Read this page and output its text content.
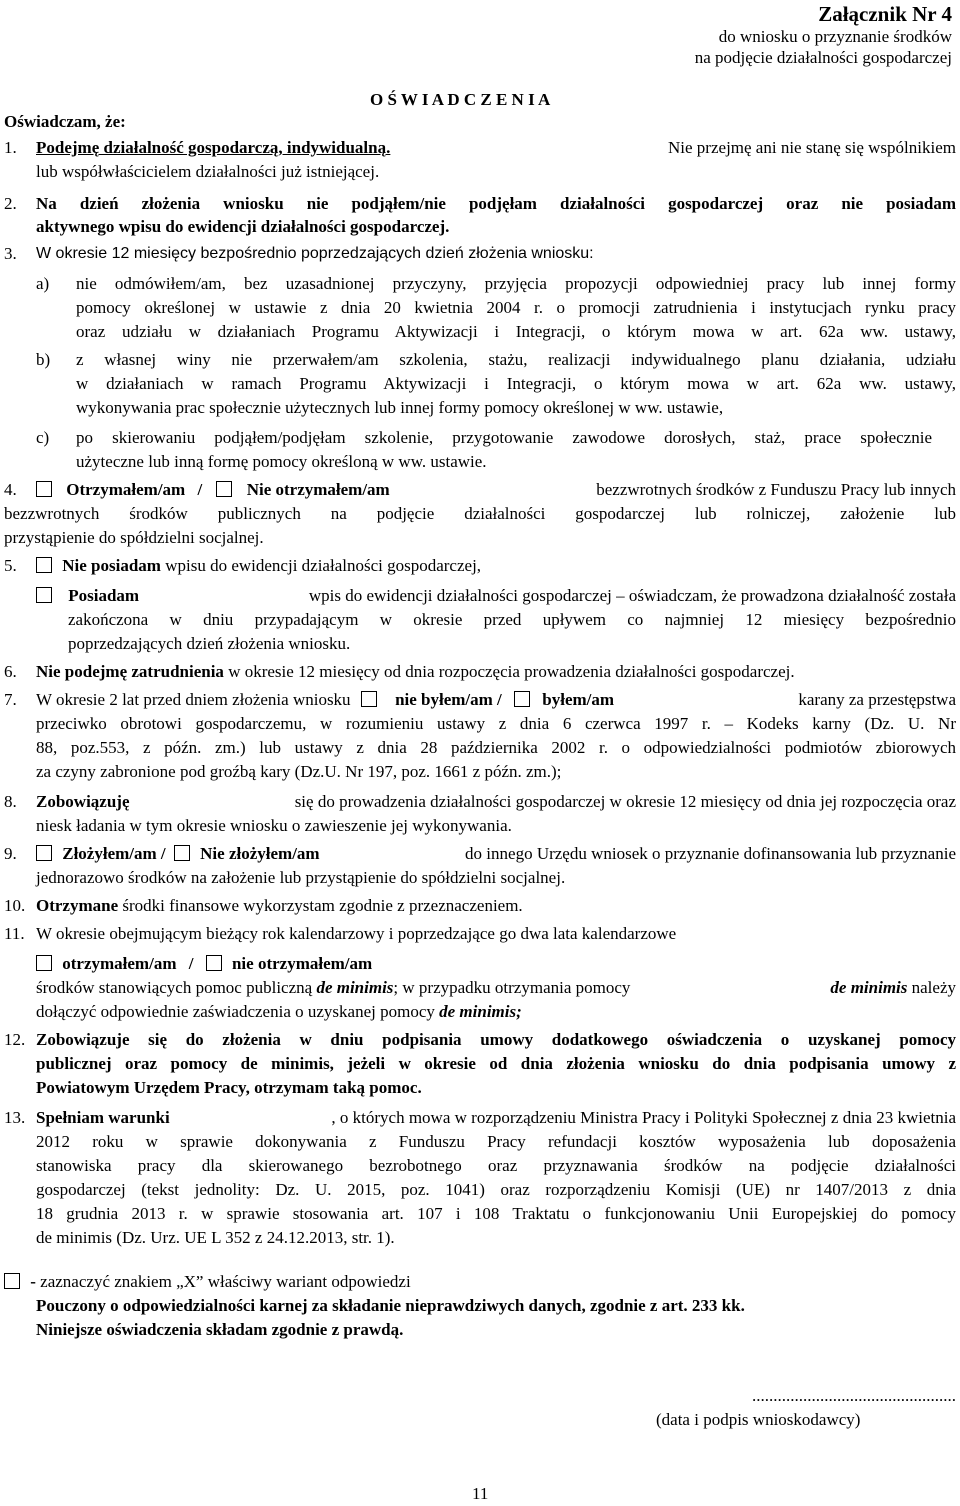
Załącznik Nr 4
do wniosku o przyznanie środków
na podjęcie działalności gospodarczej
O Ś W I A D C Z E N I A
Oświadczam, że:
1. Podejmę działalność gospodarczą, indywidualną.	Nie przejmę ani nie stanę się wspólnikiem
lub współwłaścicielem działalności już istniejącej.
2. Na dzień złożenia wniosku nie podjąłem/nie podjęłam działalności gospodarczej oraz nie posiadam
aktywnego wpisu do ewidencji działalności gospodarczej.
3. W okresie 12 miesięcy bezpośrednio poprzedzających dzień złożenia wniosku:
a) nie odmówiłem/am, bez uzasadnionej przyczyny, przyjęcia propozycji odpowiedniej pracy lub innej formy
pomocy określonej w ustawie z dnia 20 kwietnia 2004 r. o promocji zatrudnienia i instytucjach rynku pracy
oraz udziału w działaniach Programu Aktywizacji i Integracji, o którym mowa w art. 62a ww. ustawy,
b) z własnej winy nie przerwałem/am szkolenia, stażu, realizacji indywidualnego planu działania, udziału
w działaniach w ramach Programu Aktywizacji i Integracji, o którym mowa w art. 62a ww. ustawy,
wykonywania prac społecznie użytecznych lub innej formy pomocy określonej w ww. ustawie,
c) po skierowaniu podjąłem/podjęłam szkolenie, przygotowanie zawodowe dorosłych, staż, prace społecznie
użyteczne lub inną formę pomocy określoną w ww. ustawie.
4.	Otrzymałem/am /	Nie otrzymałem/am	bezzwrotnych środków z Funduszu Pracy lub innych
bezzwrotnych środków publicznych na podjęcie działalności gospodarczej lub rolniczej, założenie lub
przystąpienie do spółdzielni socjalnej.
5.	Nie posiadam wpisu do ewidencji działalności gospodarczej,
Posiadam	wpis do ewidencji działalności gospodarczej – oświadczam, że prowadzona działalność została
zakończona w dniu przypadającym w okresie przed upływem co najmniej 12 miesięcy bezpośrednio
poprzedzających dzień złożenia wniosku.
6. Nie podejmę zatrudnienia w okresie 12 miesięcy od dnia rozpoczęcia prowadzenia działalności gospodarczej.
7. W okresie 2 lat przed dniem złożenia wniosku	nie byłem/am / byłem/am	karany za przestępstwa
przeciwko obrotowi gospodarczemu, w rozumieniu ustawy z dnia 6 czerwca 1997 r. – Kodeks karny (Dz. U. Nr
88, poz.553, z późn. zm.) lub ustawy z dnia 28 października 2002 r. o odpowiedzialności podmiotów zbiorowych
za czyny zabronione pod groźbą kary (Dz.U. Nr 197, poz. 1661 z późn. zm.);
8. Zobowiązuję	się do prowadzenia działalności gospodarczej w okresie 12 miesięcy od dnia jej rozpoczęcia oraz
niesk ładania w tym okresie wniosku o zawieszenie jej wykonywania.
9.	Złożyłem/am / Nie złożyłem/am	do innego Urzędu wniosek o przyznanie dofinansowania lub przyznanie
jednorazowo środków na założenie lub przystąpienie do spółdzielni socjalnej.
10. Otrzymane środki finansowe wykorzystam zgodnie z przeznaczeniem.
11. W okresie obejmującym bieżący rok kalendarzowy i poprzedzające go dwa lata kalendarzowe
otrzymałem/am / nie otrzymałem/am
środków stanowiących pomoc publiczną de minimis; w przypadku otrzymania pomocy	de minimis należy
dołączyć odpowiednie zaświadczenia o uzyskanej pomocy de minimis;
12. Zobowiązuje się do złożenia w dniu podpisania umowy dodatkowego oświadczenia o uzyskanej pomocy
publicznej oraz pomocy de minimis, jeżeli w okresie od dnia złożenia wniosku do dnia podpisania umowy z
Powiatowym Urzędem Pracy, otrzymam taką pomoc.
13. Spełniam warunki	, o których mowa w rozporządzeniu Ministra Pracy i Polityki Społecznej z dnia 23 kwietnia
2012 roku w sprawie dokonywania z Funduszu Pracy refundacji kosztów wyposażenia lub doposażenia
stanowiska pracy dla skierowanego bezrobotnego oraz przyznawania środków na podjęcie działalności
gospodarczej (tekst jednolity: Dz. U. 2015, poz. 1041) oraz rozporządzeniu Komisji (UE) nr 1407/2013 z dnia
18 grudnia 2013 r. w sprawie stosowania art. 107 i 108 Traktatu o funkcjonowaniu Unii Europejskiej do pomocy
de minimis (Dz. Urz. UE L 352 z 24.12.2013, str. 1).
- zaznaczyć znakiem „X” właściwy wariant odpowiedzi
Pouczony o odpowiedzialności karnej za składanie nieprawdziwych danych, zgodnie z art. 233 kk.
Niniejsze oświadczenia składam zgodnie z prawdą.
................................................
(data i podpis wnioskodawcy)
11
